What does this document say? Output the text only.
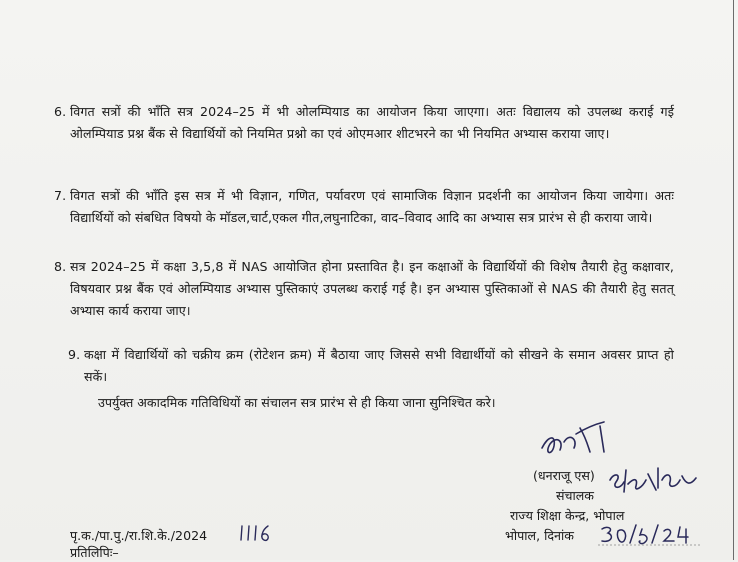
6. विगत सत्रों की भाँति सत्र 2024–25 में भी ओलम्पियाड का आयोजन किया जाएगा। अतः विद्यालय को उपलब्ध कराई गई ओलम्पियाड प्रश्न बैंक से विद्यार्थियों को नियमित प्रश्नो का एवं ओएमआर शीटभरने का भी नियमित अभ्यास कराया जाए।
7. विगत सत्रों की भाँति इस सत्र में भी विज्ञान, गणित, पर्यावरण एवं सामाजिक विज्ञान प्रदर्शनी का आयोजन किया जायेगा। अतः विद्यार्थियों को संबधित विषयो के मॉडल,चार्ट,एकल गीत,लघुनाटिका, वाद–विवाद आदि का अभ्यास सत्र प्रारंभ से ही कराया जाये।
8. सत्र 2024–25 में कक्षा 3,5,8 में NAS आयोजित होना प्रस्तावित है। इन कक्षाओं के विद्यार्थियों की विशेष तैयारी हेतु कक्षावार, विषयवार प्रश्न बैंक एवं ओलम्पियाड अभ्यास पुस्तिकाएं उपलब्ध कराई गई है। इन अभ्यास पुस्तिकाओं से NAS की तैयारी हेतु सतत् अभ्यास कार्य कराया जाए।
9. कक्षा में विद्यार्थियों को चक्रीय क्रम (रोटेशन क्रम) में बैठाया जाए जिससे सभी विद्यार्थीयों को सीखने के समान अवसर प्राप्त हो सकें।
उपर्युक्त अकादमिक गतिविधियों का संचालन सत्र प्रारंभ से ही किया जाना सुनिश्चित करे।
(धनराजू एस)
संचालक
राज्य शिक्षा केन्द्र, भोपाल
भोपाल, दिनांक
पृ.क./पा.पु./रा.शि.के./2024
प्रतिलिपिः–
